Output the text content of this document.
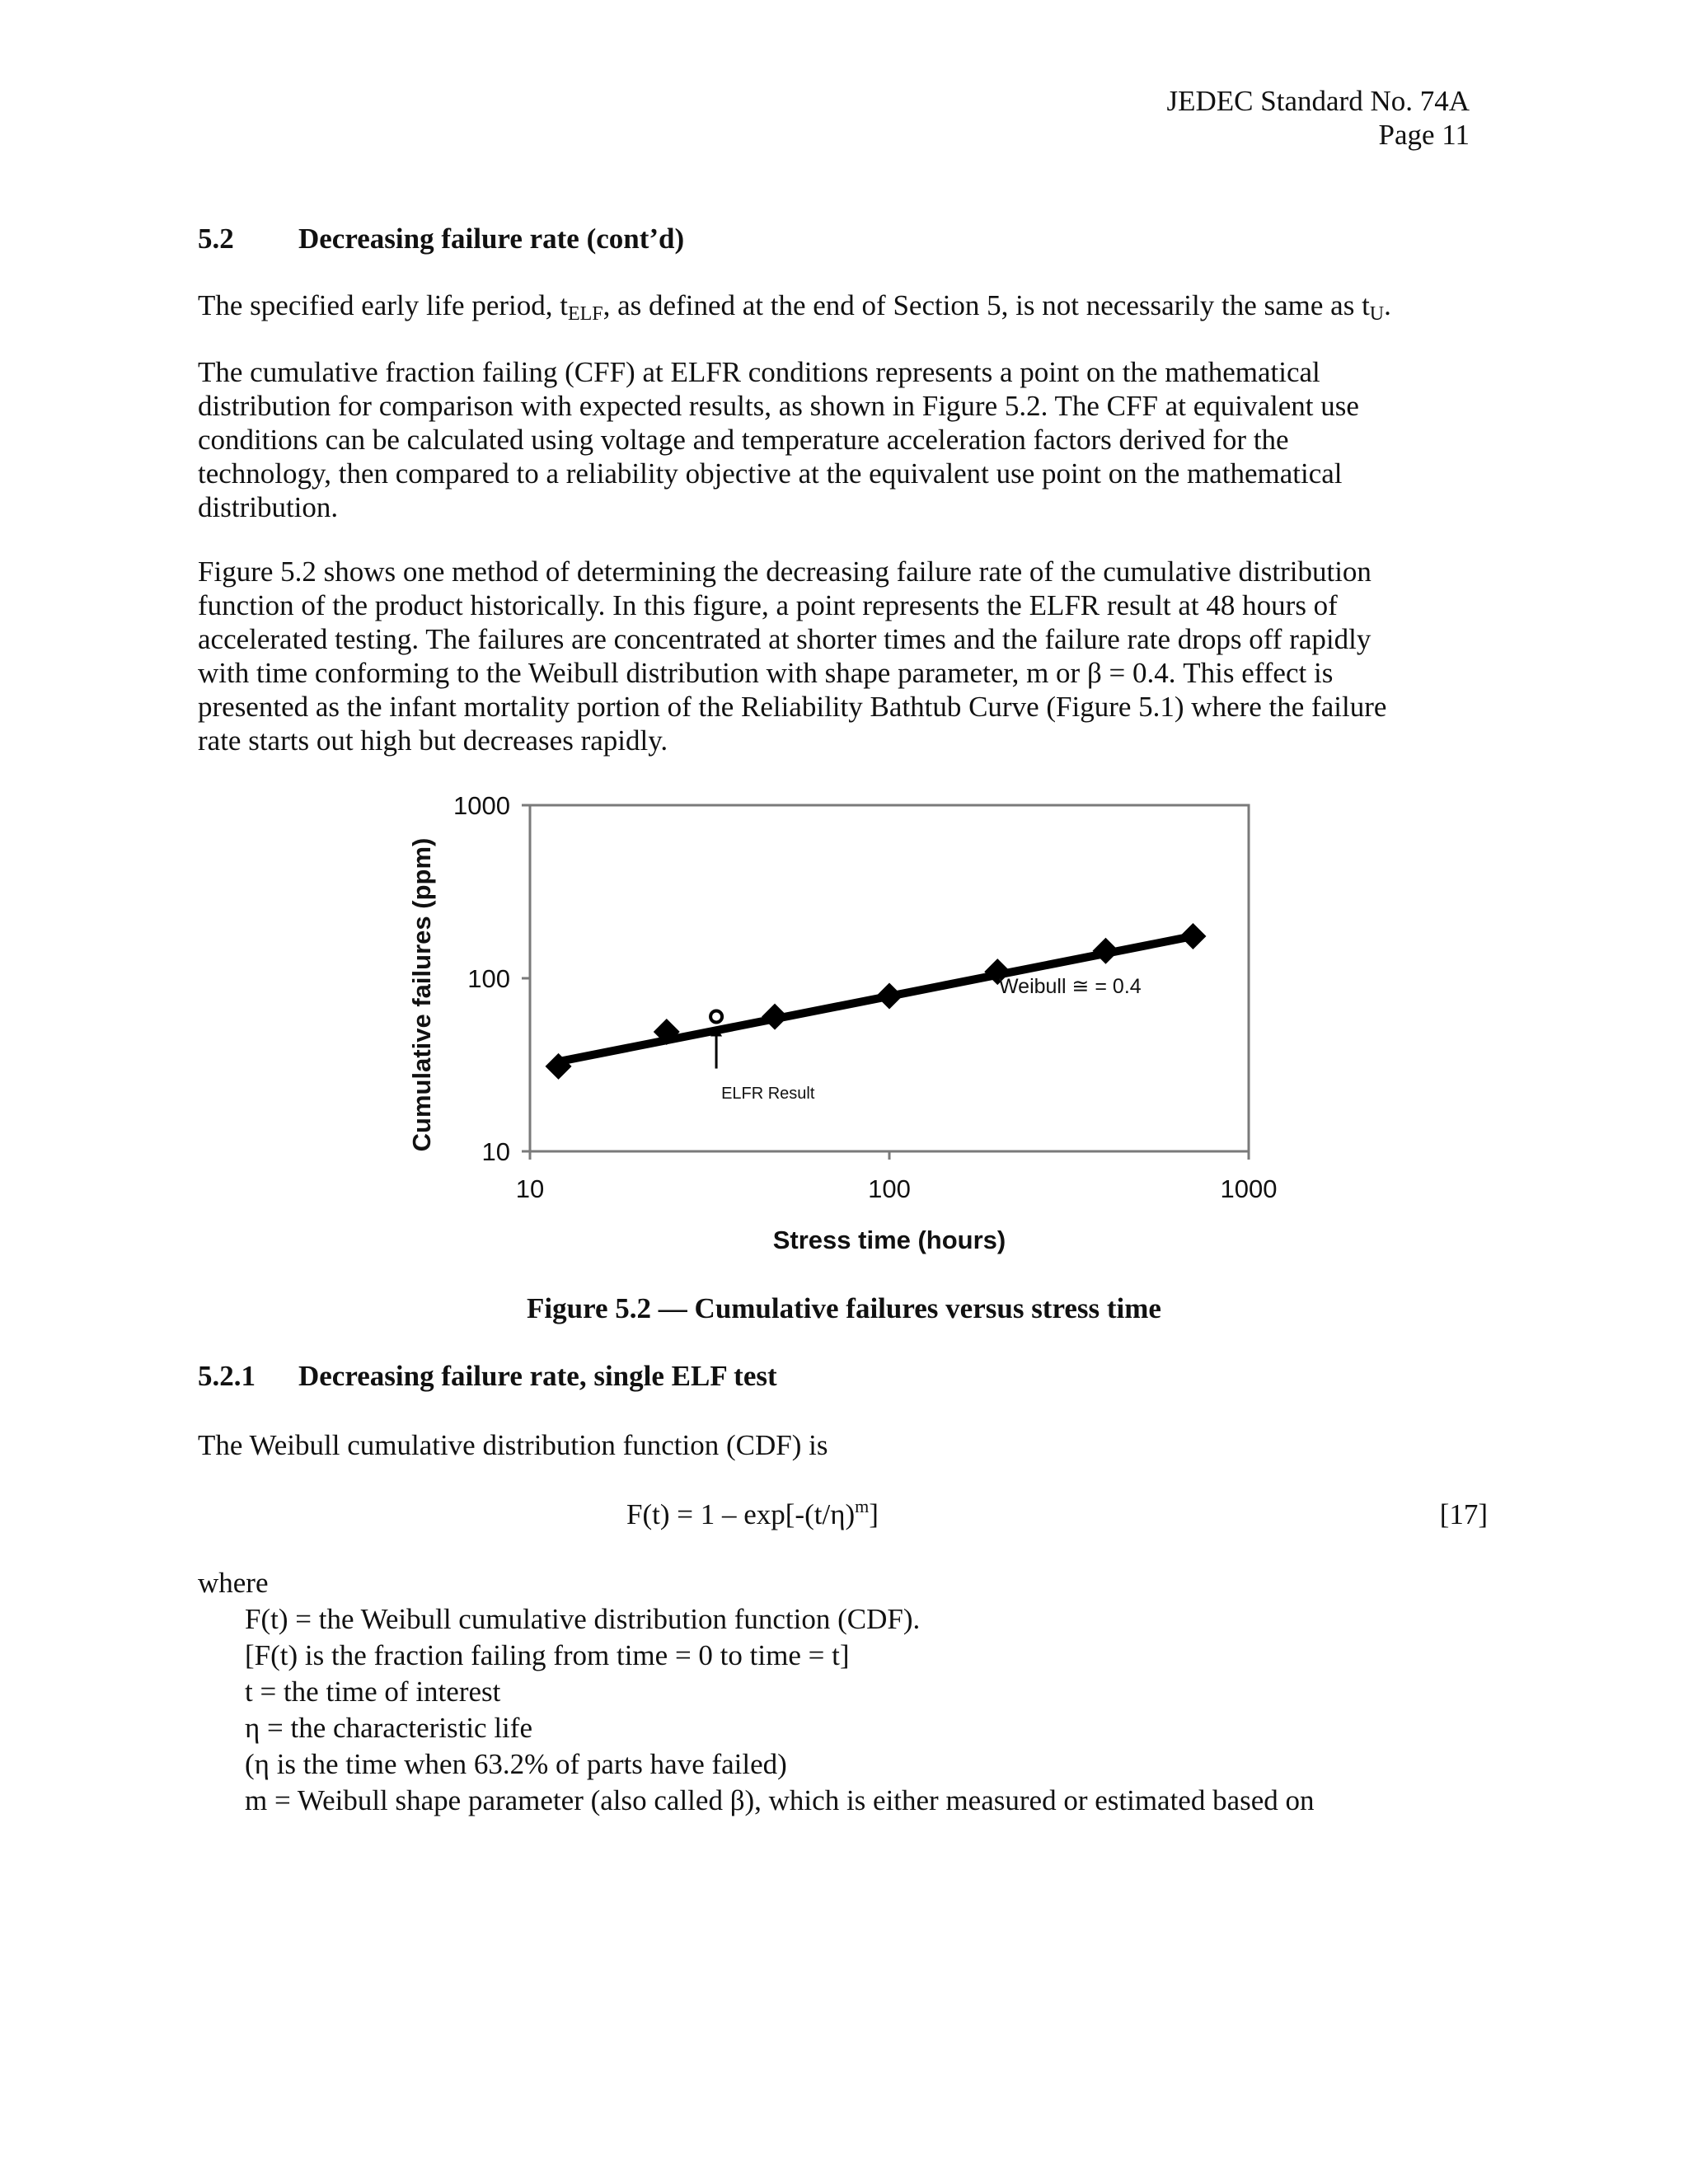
JEDEC Standard No. 74A
Page 11
5.2 Decreasing failure rate (cont’d)
The specified early life period, $t_{ELF}$, as defined at the end of Section 5, is not necessarily the same as $t_U$.
The cumulative fraction failing (CFF) at ELFR conditions represents a point on the mathematical
distribution for comparison with expected results, as shown in Figure 5.2. The CFF at equivalent use
conditions can be calculated using voltage and temperature acceleration factors derived for the
technology, then compared to a reliability objective at the equivalent use point on the mathematical
distribution.
Figure 5.2 shows one method of determining the decreasing failure rate of the cumulative distribution
function of the product historically. In this figure, a point represents the ELFR result at 48 hours of
accelerated testing. The failures are concentrated at shorter times and the failure rate drops off rapidly
with time conforming to the Weibull distribution with shape parameter, m or β = 0.4. This effect is
presented as the infant mortality portion of the Reliability Bathtub Curve (Figure 5.1) where the failure
rate starts out high but decreases rapidly.
10
100
1000
10	100	1000
Weibull ≅ = 0.4
ELFR Result
Stress time (hours)
Cumulative failures (ppm)
Figure 5.2 — Cumulative failures versus stress time
5.2.1 Decreasing failure rate, single ELF test
The Weibull cumulative distribution function (CDF) is
$F(t) = 1 - \exp[-(t/\eta)^m]$	[17]
where
F(t) = the Weibull cumulative distribution function (CDF).
[F(t) is the fraction failing from time = 0 to time = t]
t = the time of interest
η = the characteristic life
(η is the time when 63.2% of parts have failed)
m = Weibull shape parameter (also called β), which is either measured or estimated based on
